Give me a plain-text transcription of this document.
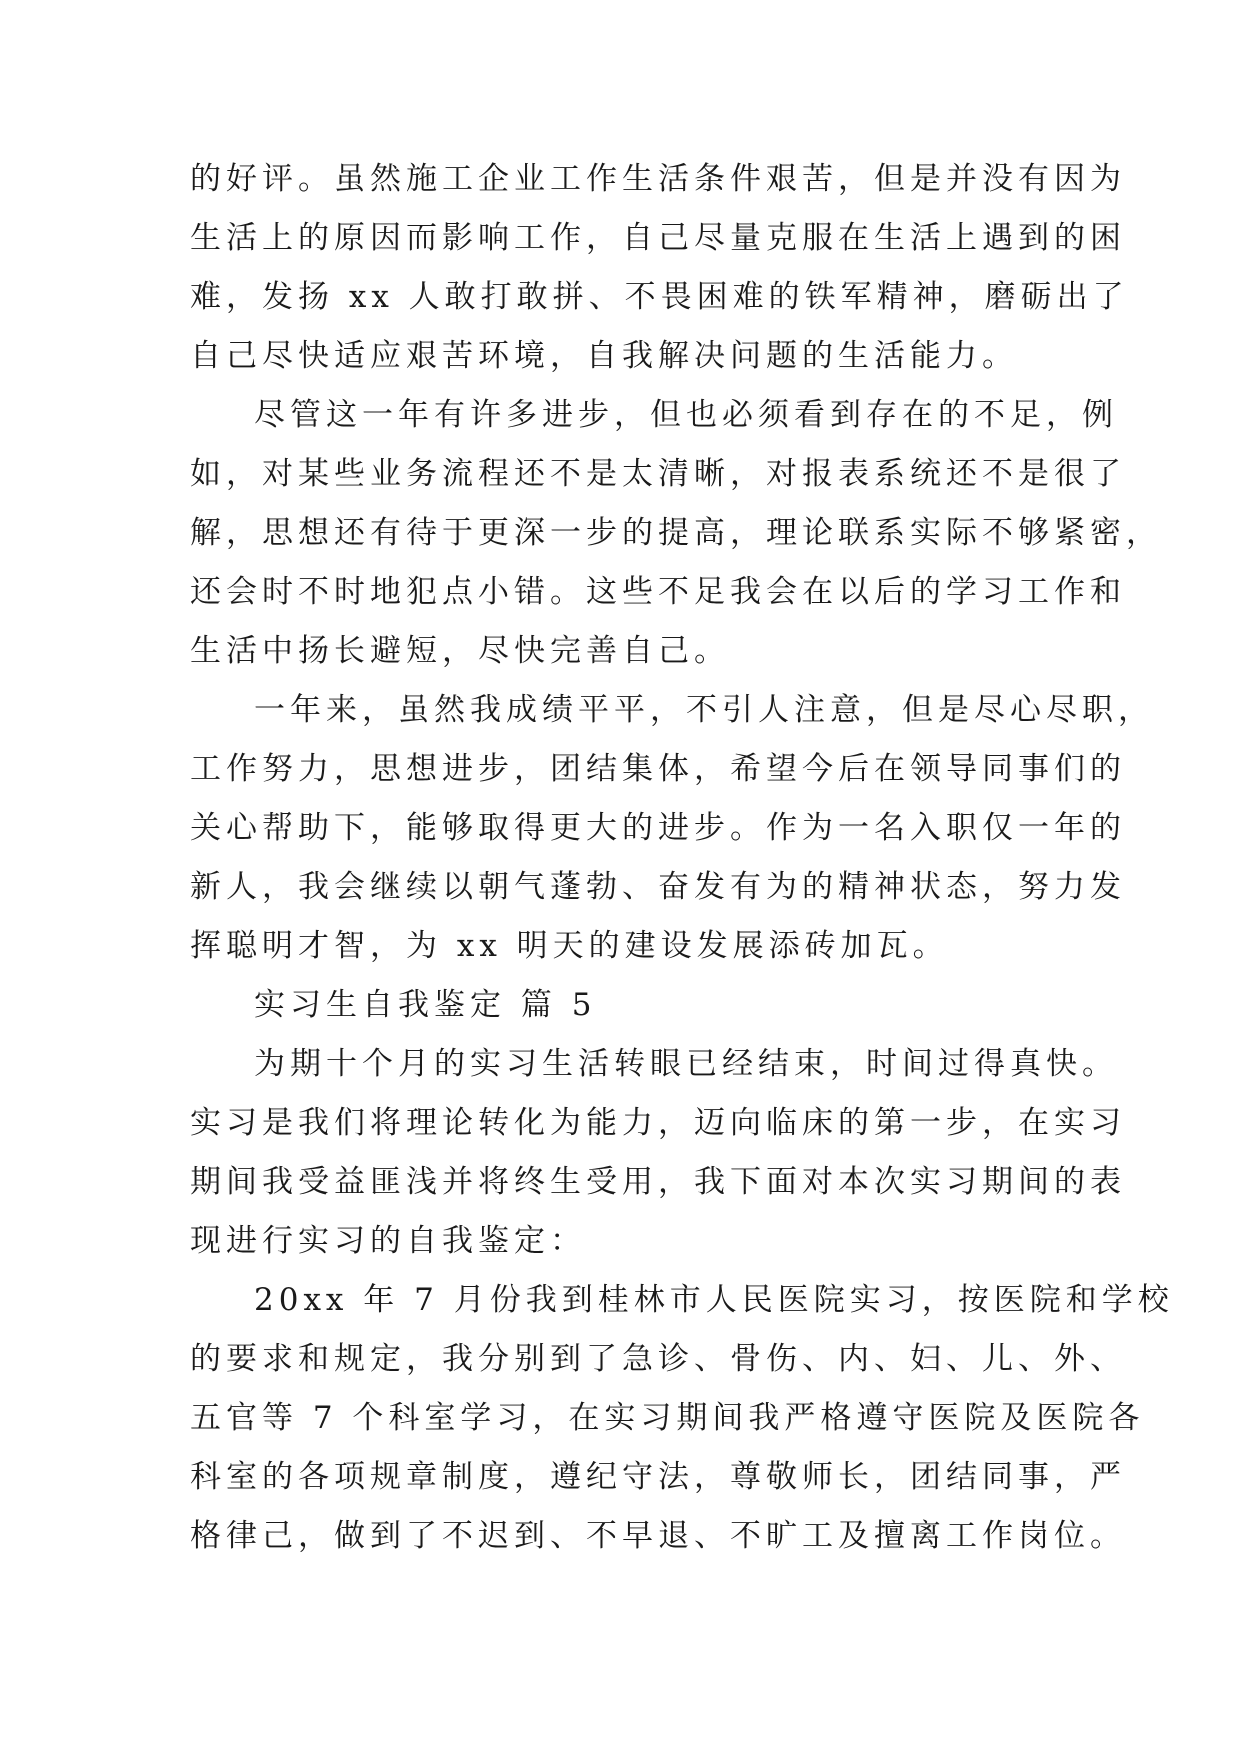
的好评。虽然施工企业工作生活条件艰苦，但是并没有因为
生活上的原因而影响工作，自己尽量克服在生活上遇到的困
难，发扬 xx 人敢打敢拼、不畏困难的铁军精神，磨砺出了
自己尽快适应艰苦环境，自我解决问题的生活能力。
尽管这一年有许多进步，但也必须看到存在的不足，例
如，对某些业务流程还不是太清晰，对报表系统还不是很了
解，思想还有待于更深一步的提高，理论联系实际不够紧密，
还会时不时地犯点小错。这些不足我会在以后的学习工作和
生活中扬长避短，尽快完善自己。
一年来，虽然我成绩平平，不引人注意，但是尽心尽职，
工作努力，思想进步，团结集体，希望今后在领导同事们的
关心帮助下，能够取得更大的进步。作为一名入职仅一年的
新人，我会继续以朝气蓬勃、奋发有为的精神状态，努力发
挥聪明才智，为 xx 明天的建设发展添砖加瓦。
实习生自我鉴定 篇 5
为期十个月的实习生活转眼已经结束，时间过得真快。
实习是我们将理论转化为能力，迈向临床的第一步，在实习
期间我受益匪浅并将终生受用，我下面对本次实习期间的表
现进行实习的自我鉴定：
20xx 年 7 月份我到桂林市人民医院实习，按医院和学校
的要求和规定，我分别到了急诊、骨伤、内、妇、儿、外、
五官等 7 个科室学习，在实习期间我严格遵守医院及医院各
科室的各项规章制度，遵纪守法，尊敬师长，团结同事，严
格律己，做到了不迟到、不早退、不旷工及擅离工作岗位。
